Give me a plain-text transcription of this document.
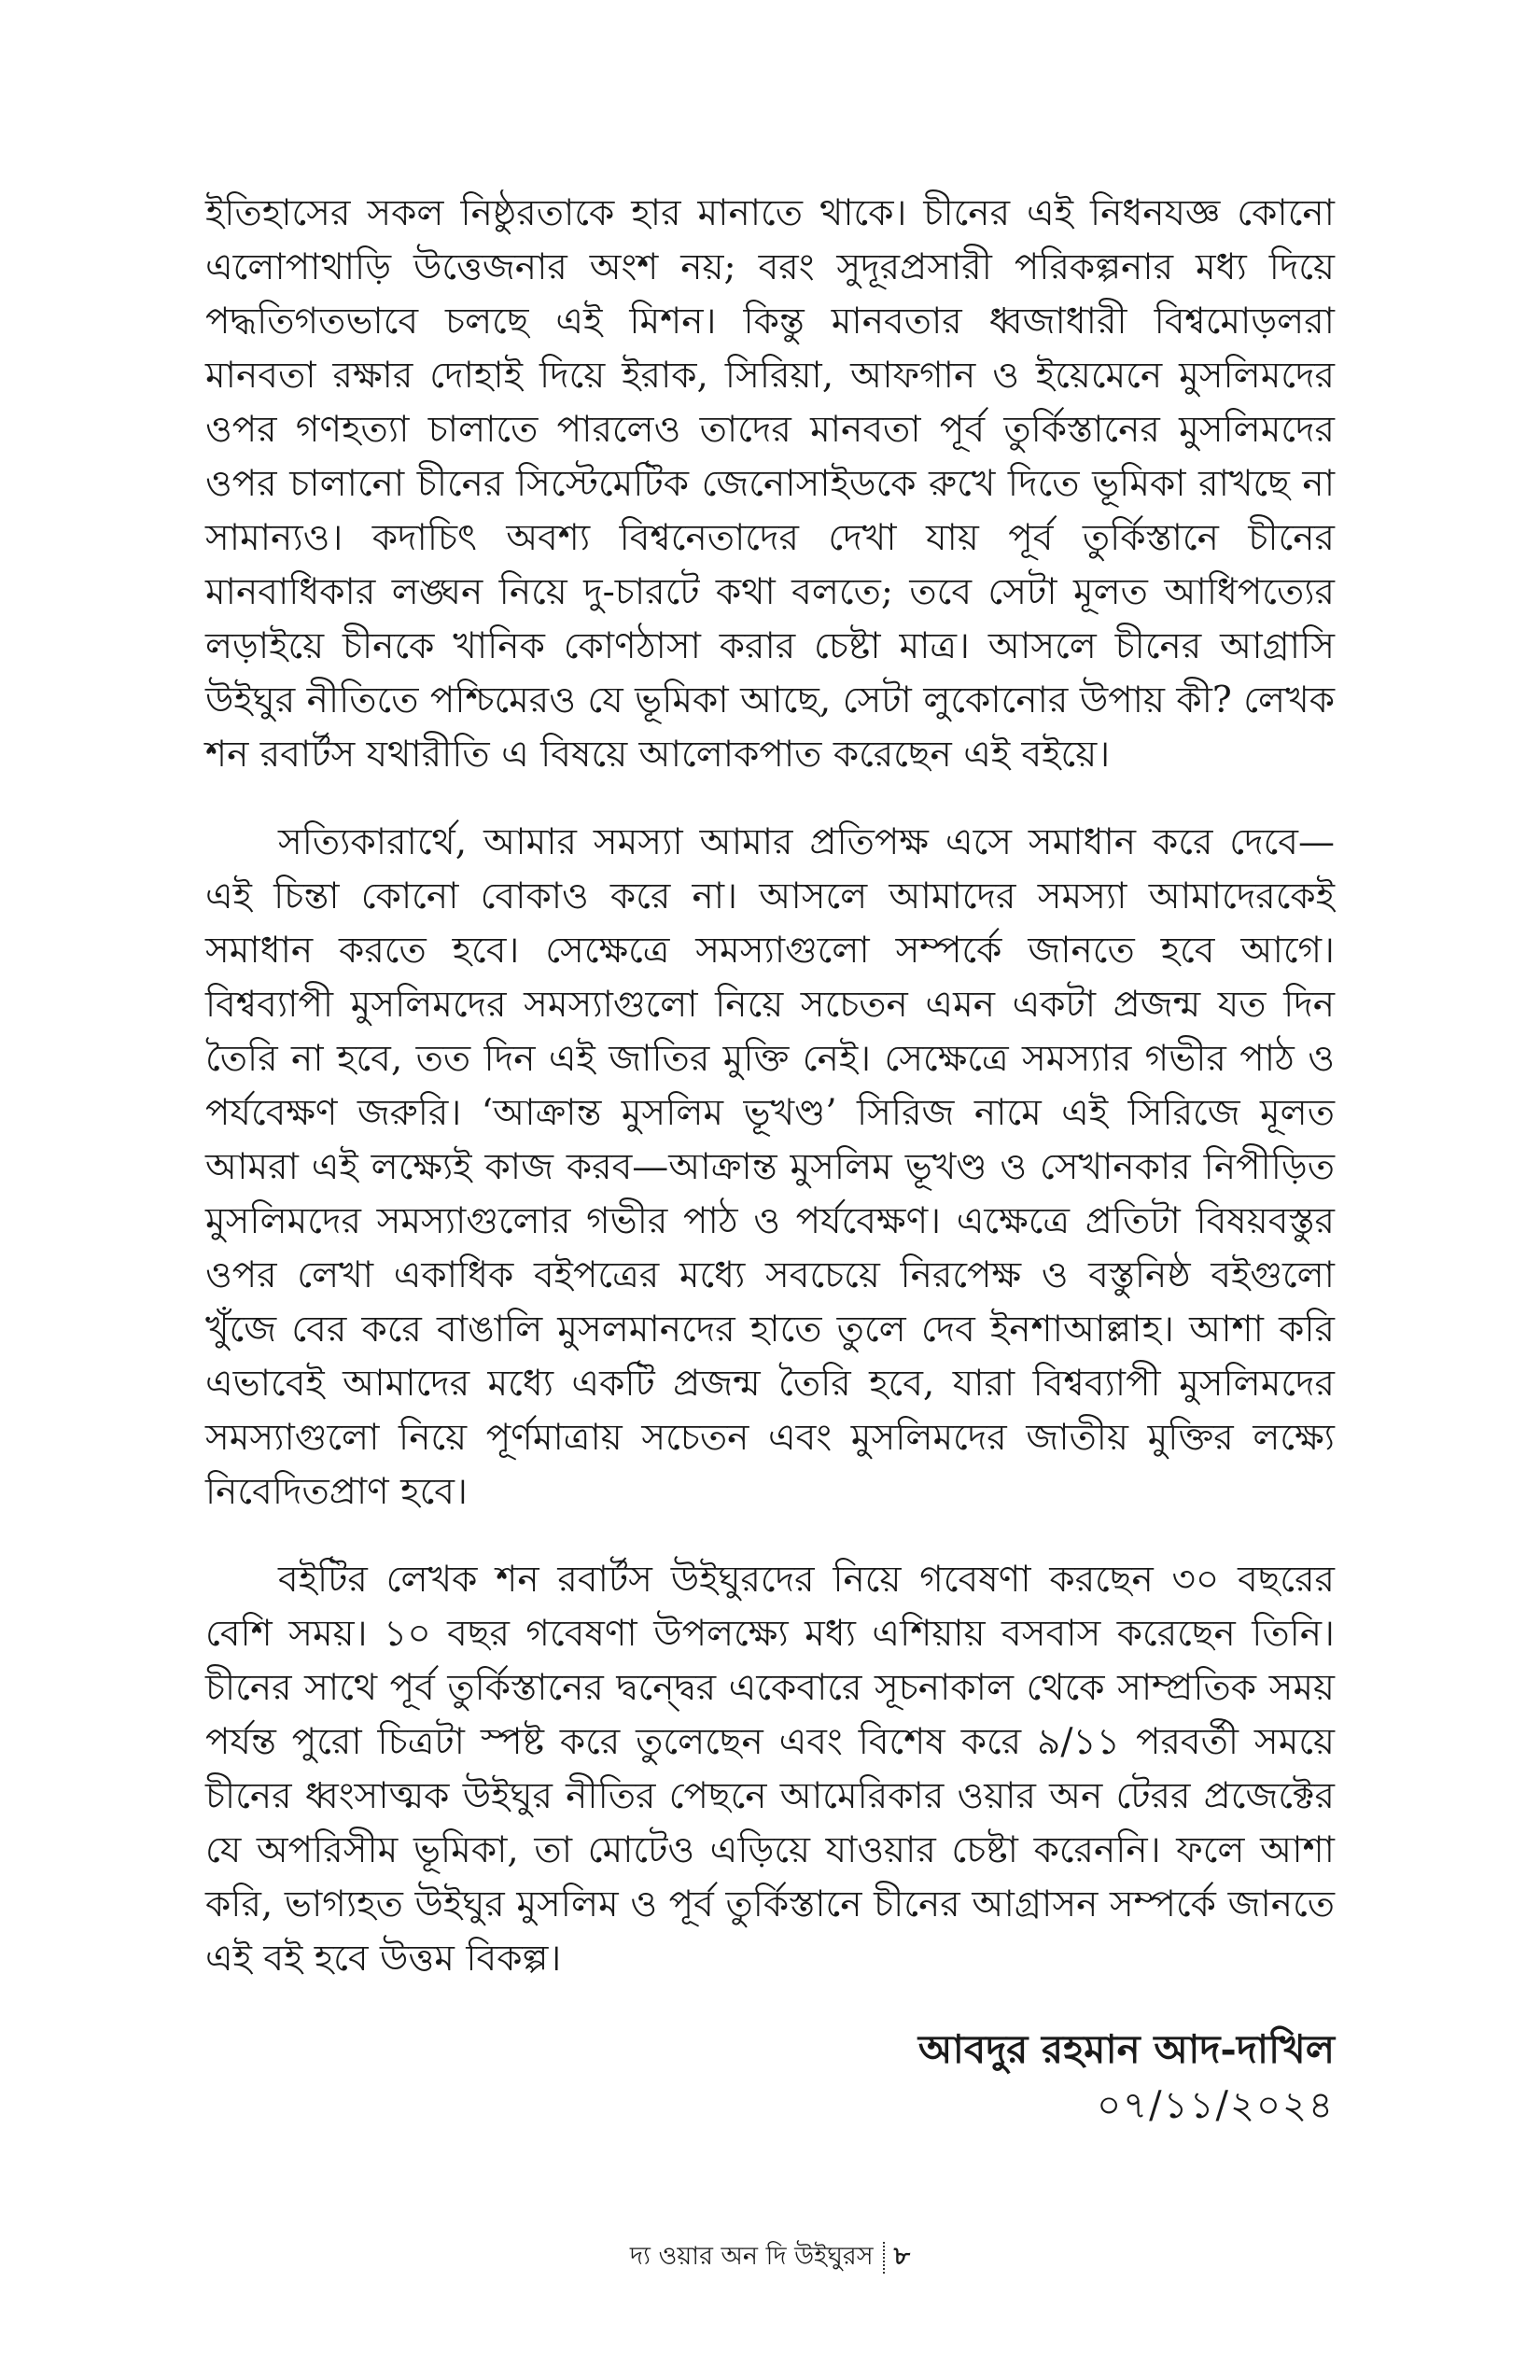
ইতিহাসের সকল নিষ্ঠুরতাকে হার মানাতে থাকে। চীনের এই নিধনযজ্ঞ কোনো এলোপাথাড়ি উত্তেজনার অংশ নয়; বরং সুদূরপ্রসারী পরিকল্পনার মধ্য দিয়ে পদ্ধতিগতভাবে চলছে এই মিশন। কিন্তু মানবতার ধ্বজাধারী বিশ্বমোড়লরা মানবতা রক্ষার দোহাই দিয়ে ইরাক, সিরিয়া, আফগান ও ইয়েমেনে মুসলিমদের ওপর গণহত্যা চালাতে পারলেও তাদের মানবতা পূর্ব তুর্কিস্তানের মুসলিমদের ওপর চালানো চীনের সিস্টেমেটিক জেনোসাইডকে রুখে দিতে ভূমিকা রাখছে না সামান্যও। কদাচিৎ অবশ্য বিশ্বনেতাদের দেখা যায় পূর্ব তুর্কিস্তানে চীনের মানবাধিকার লঙ্ঘন নিয়ে দু-চারটে কথা বলতে; তবে সেটা মূলত আধিপত্যের লড়াইয়ে চীনকে খানিক কোণঠাসা করার চেষ্টা মাত্র। আসলে চীনের আগ্রাসি উইঘুর নীতিতে পশ্চিমেরও যে ভূমিকা আছে, সেটা লুকোনোর উপায় কী? লেখক শন রবার্টস যথারীতি এ বিষয়ে আলোকপাত করেছেন এই বইয়ে।

সত্যিকারার্থে, আমার সমস্যা আমার প্রতিপক্ষ এসে সমাধান করে দেবে—এই চিন্তা কোনো বোকাও করে না। আসলে আমাদের সমস্যা আমাদেরকেই সমাধান করতে হবে। সেক্ষেত্রে সমস্যাগুলো সম্পর্কে জানতে হবে আগে। বিশ্বব্যাপী মুসলিমদের সমস্যাগুলো নিয়ে সচেতন এমন একটা প্রজন্ম যত দিন তৈরি না হবে, তত দিন এই জাতির মুক্তি নেই। সেক্ষেত্রে সমস্যার গভীর পাঠ ও পর্যবেক্ষণ জরুরি। ‘আক্রান্ত মুসলিম ভূখণ্ড’ সিরিজ নামে এই সিরিজে মূলত আমরা এই লক্ষ্যেই কাজ করব—আক্রান্ত মুসলিম ভূখণ্ড ও সেখানকার নিপীড়িত মুসলিমদের সমস্যাগুলোর গভীর পাঠ ও পর্যবেক্ষণ। এক্ষেত্রে প্রতিটা বিষয়বস্তুর ওপর লেখা একাধিক বইপত্রের মধ্যে সবচেয়ে নিরপেক্ষ ও বস্তুনিষ্ঠ বইগুলো খুঁজে বের করে বাঙালি মুসলমানদের হাতে তুলে দেব ইনশাআল্লাহ। আশা করি এভাবেই আমাদের মধ্যে একটি প্রজন্ম তৈরি হবে, যারা বিশ্বব্যাপী মুসলিমদের সমস্যাগুলো নিয়ে পূর্ণমাত্রায় সচেতন এবং মুসলিমদের জাতীয় মুক্তির লক্ষ্যে নিবেদিতপ্রাণ হবে।

বইটির লেখক শন রবার্টস উইঘুরদের নিয়ে গবেষণা করছেন ৩০ বছরের বেশি সময়। ১০ বছর গবেষণা উপলক্ষ্যে মধ্য এশিয়ায় বসবাস করেছেন তিনি। চীনের সাথে পূর্ব তুর্কিস্তানের দ্বন্দ্বের একেবারে সূচনাকাল থেকে সাম্প্রতিক সময় পর্যন্ত পুরো চিত্রটা স্পষ্ট করে তুলেছেন এবং বিশেষ করে ৯/১১ পরবর্তী সময়ে চীনের ধ্বংসাত্মক উইঘুর নীতির পেছনে আমেরিকার ওয়ার অন টেরর প্রজেক্টের যে অপরিসীম ভূমিকা, তা মোটেও এড়িয়ে যাওয়ার চেষ্টা করেননি। ফলে আশা করি, ভাগ্যহত উইঘুর মুসলিম ও পূর্ব তুর্কিস্তানে চীনের আগ্রাসন সম্পর্কে জানতে এই বই হবে উত্তম বিকল্প।

আবদুর রহমান আদ-দাখিল
০৭/১১/২০২৪
দ্য ওয়ার অন দি উইঘুরস ৮
